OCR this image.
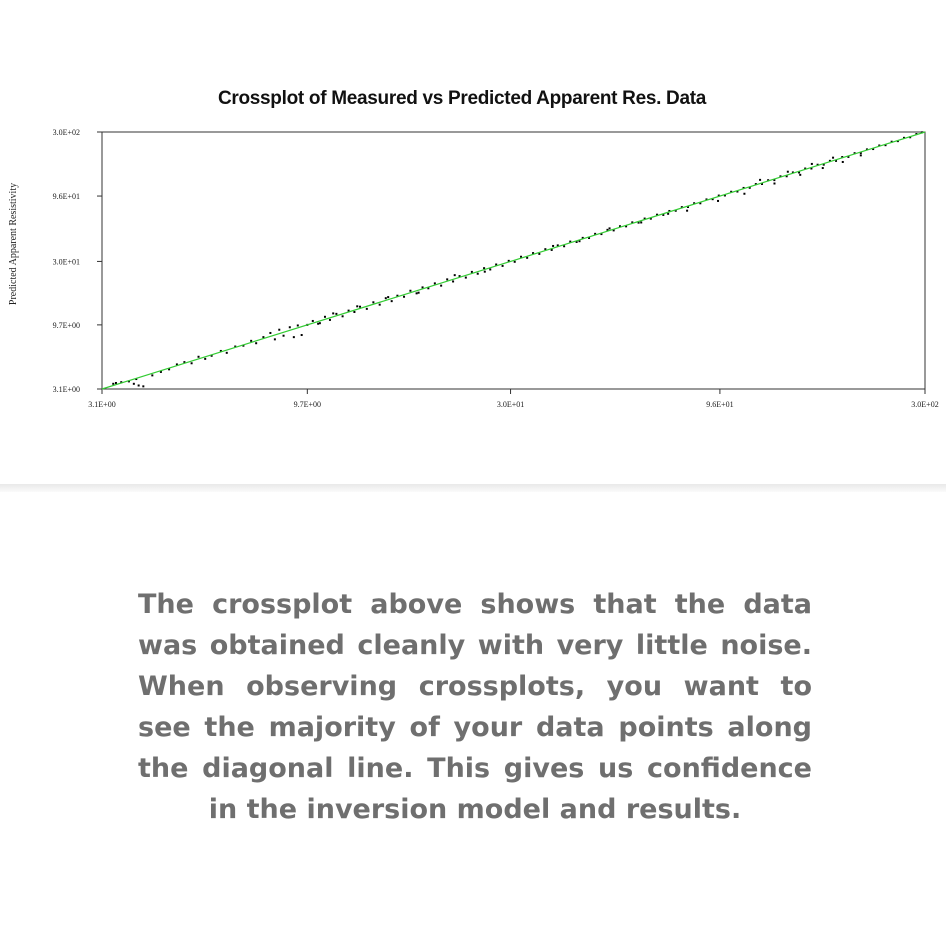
Crossplot of Measured vs Predicted Apparent Res. Data
3.0E+02
9.6E+01
3.0E+01
9.7E+00
3.1E+00
3.1E+00	9.7E+00	3.0E+01	9.6E+01	3.0E+02
Predicted Apparent Resistivity
The crossplot above shows that the data
was obtained cleanly with very little noise.
When observing crossplots, you want to
see the majority of your data points along
the diagonal line. This gives us confidence
in the inversion model and results.
